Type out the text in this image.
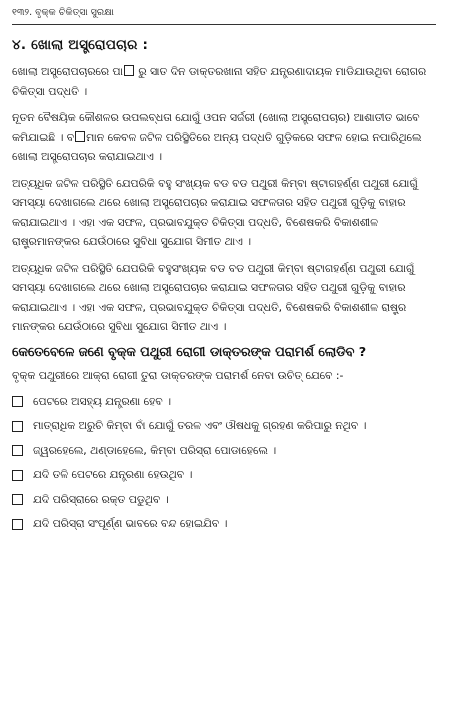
୧୩୨. ବୃକ୍କ ଚିକିତ୍ସା ସୁରକ୍ଷା
୪. ଖୋଲା ଅସ୍ତ୍ରୋପଚାର :

ଖୋଲା ଅସ୍ତ୍ରୋପଚାରରେ ପା ରୁ ସାତ ଦିନ ଡାକ୍ତରଖାନା ସହିତ ଯନ୍ତ୍ରଣାଦାୟକ ମାଡିଯାଉଥିବା ରୋଗର ଚିକିତ୍ସା ପଦ୍ଧତି ।

ନୂତନ ବୈଷୟିକ କୌଶଳର ଉପଲବ୍ଧତା ଯୋଗୁଁ ଓପନ ସର୍ଜରୀ (ଖୋଲା ଅସ୍ତ୍ରୋପଚାର) ଆଶାତୀତ ଭାବେ କମିଯାଇଛି । ବ ମାନ କେବଳ ଜଟିଳ ପରିସ୍ଥିତିରେ ଅନ୍ୟ ପଦ୍ଧତି ଗୁଡ଼ିକରେ ସଫଳ ହୋଇ ନପାରିଥିଲେ ଖୋଲା ଅସ୍ତ୍ରୋପଚାର କରାଯାଇଥାଏ ।

ଅତ୍ୟଧିକ ଜଟିଳ ପରିସ୍ଥିତି ଯେପରିକି ବହୁ ସଂଖ୍ୟକ ବଡ ବଡ ପଥୁରୀ କିମ୍ବା ଷ୍ଟାଗହର୍ଣ୍ଣ ପଥୁରୀ ଯୋଗୁଁ ସମସ୍ୟା ଦେଖାଗଲେ ଥରେ ଖୋଲା ଅସ୍ତ୍ରୋପଚାର କରାଯାଇ ସଫଳତାର ସହିତ ପଥୁରୀ ଗୁଡ଼ିକୁ ବାହାର କରାଯାଇଥାଏ । ଏହା ଏକ ସଫଳ, ପ୍ରଭାବଯୁକ୍ତ ଚିକିତ୍ସା ପଦ୍ଧତି, ବିଶେଷକରି ବିକାଶଶୀଳ ରାଷ୍ଟ୍ରମାନଙ୍କର ଯେଉଁଠାରେ ସୁବିଧା ସୁଯୋଗ ସିମୀତ ଥାଏ ।

ଅତ୍ୟଧିକ ଜଟିଳ ପରିସ୍ଥିତି ଯେପରିକି ବହୁସଂଖ୍ୟକ ବଡ ବଡ ପଥୁରୀ କିମ୍ବା ଷ୍ଟାଗହର୍ଣ୍ଣ ପଥୁରୀ ଯୋଗୁଁ ସମସ୍ୟା ଦେଖାଗଲେ ଥରେ ଖୋଲା ଅସ୍ତ୍ରୋପଚାର କରାଯାଇ ସଫଳତାର ସହିତ ପଥୁରୀ ଗୁଡ଼ିକୁ ବାହାର କରାଯାଇଥାଏ । ଏହା ଏକ ସଫଳ, ପ୍ରଭାବଯୁକ୍ତ ଚିକିତ୍ସା ପଦ୍ଧତି, ବିଶେଷକରି ବିକାଶଶୀଳ ରାଷ୍ଟ୍ର ମାନଙ୍କର ଯେଉଁଠାରେ ସୁବିଧା ସୁଯୋଗ ସିମୀତ ଥାଏ ।

କେତେବେଳେ ଜଣେ ବୃକ୍କ ପଥୁରୀ ରୋଗୀ ଡାକ୍ତରଙ୍କ ପରାମର୍ଶ ଲୋଡିବ ?
ବୃକ୍କ ପଥୁରୀରେ ଆକ୍ରା ରୋଗୀ ତୁରା ଡାକ୍ତରଙ୍କ ପରାମର୍ଶ ନେବା ଉଚିତ୍ ଯେବେ :-
ପେଟରେ ଅସହ୍ୟ ଯନ୍ତ୍ରଣା ହେବ ।
ମାତ୍ରାଧିକ ଅରୁଚି କିମ୍ବା ବାଁ ଯୋଗୁଁ ତରଳ ଏବଂ ଔଷଧକୁ ଗ୍ରହଣ କରିପାରୁ ନଥିବ ।
ଜ୍ୱରହେଲେ, ଥଣ୍ଡାହେଲେ, କିମ୍ବା ପରିସ୍ରା ପୋଡାହେଲେ ।
ଯଦି ତଳି ପେଟରେ ଯନ୍ତ୍ରଣା ହେଉଥିବ ।
ଯଦି ପରିସ୍ରାରେ ରକ୍ତ ପଡୁଥିବ ।
ଯଦି ପରିସ୍ରା ସଂପୂର୍ଣ୍ଣ ଭାବରେ ବନ୍ଦ ହୋଇଯିବ ।
